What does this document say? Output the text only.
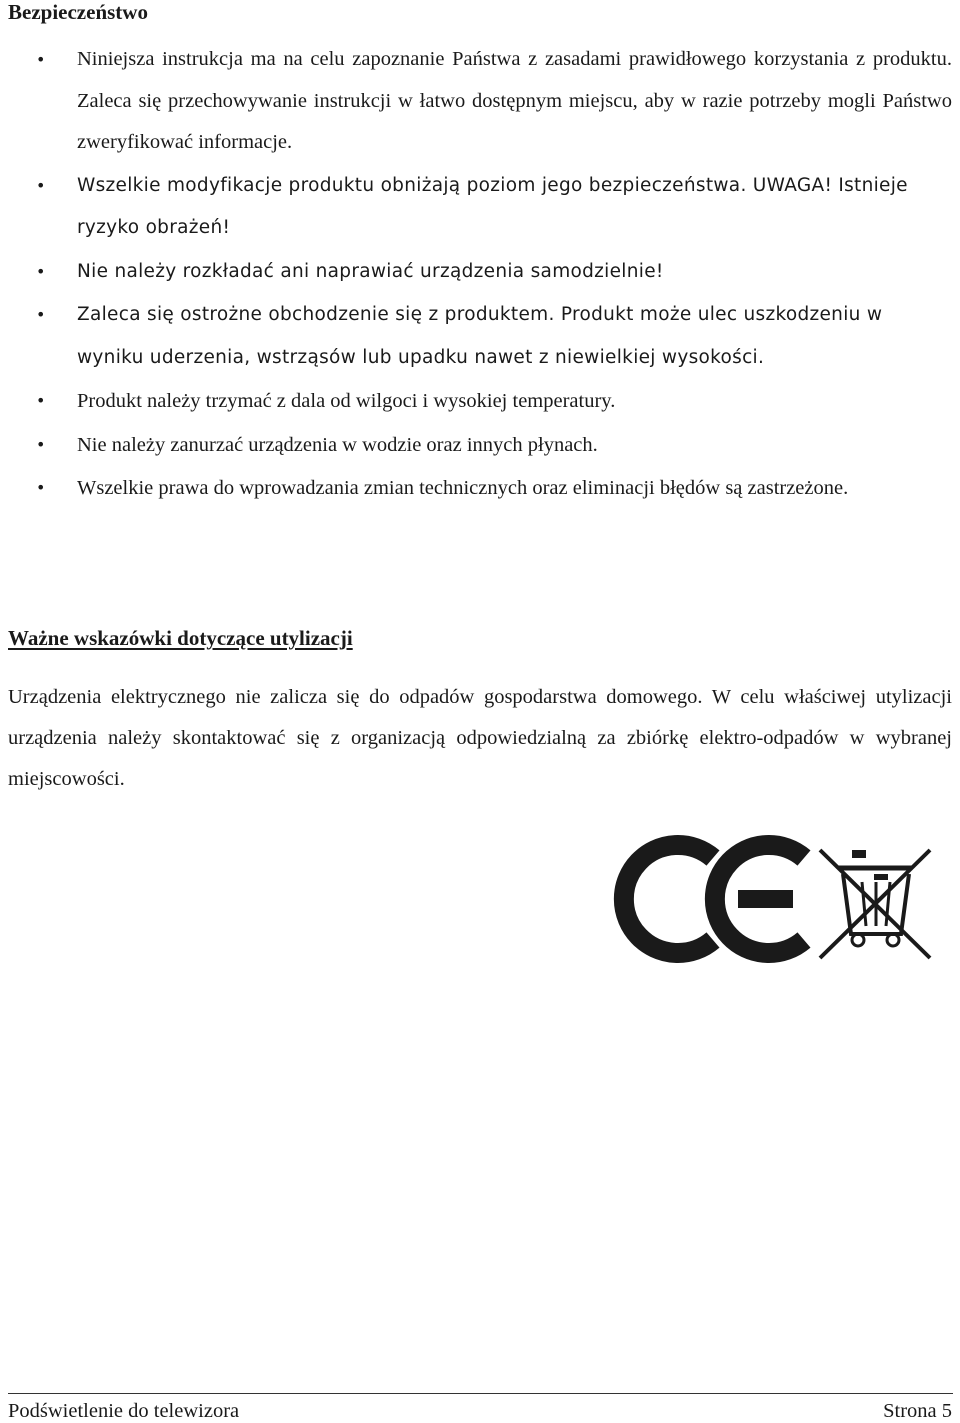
Bezpieczeństwo
• Niniejsza instrukcja ma na celu zapoznanie Państwa z zasadami prawidłowego korzystania z produktu. Zaleca się przechowywanie instrukcji w łatwo dostępnym miejscu, aby w razie potrzeby mogli Państwo zweryfikować informacje.
• Wszelkie modyfikacje produktu obniżają poziom jego bezpieczeństwa. UWAGA! Istnieje ryzyko obrażeń!
• Nie należy rozkładać ani naprawiać urządzenia samodzielnie!
• Zaleca się ostrożne obchodzenie się z produktem. Produkt może ulec uszkodzeniu w wyniku uderzenia, wstrząsów lub upadku nawet z niewielkiej wysokości.
• Produkt należy trzymać z dala od wilgoci i wysokiej temperatury.
• Nie należy zanurzać urządzenia w wodzie oraz innych płynach.
• Wszelkie prawa do wprowadzania zmian technicznych oraz eliminacji błędów są zastrzeżone.
Ważne wskazówki dotyczące utylizacji

Urządzenia elektrycznego nie zalicza się do odpadów gospodarstwa domowego. W celu właściwej utylizacji urządzenia należy skontaktować się z organizacją odpowiedzialną za zbiórkę elektro-odpadów w wybranej miejscowości.

Podświetlenie do telewizora	Strona 5
